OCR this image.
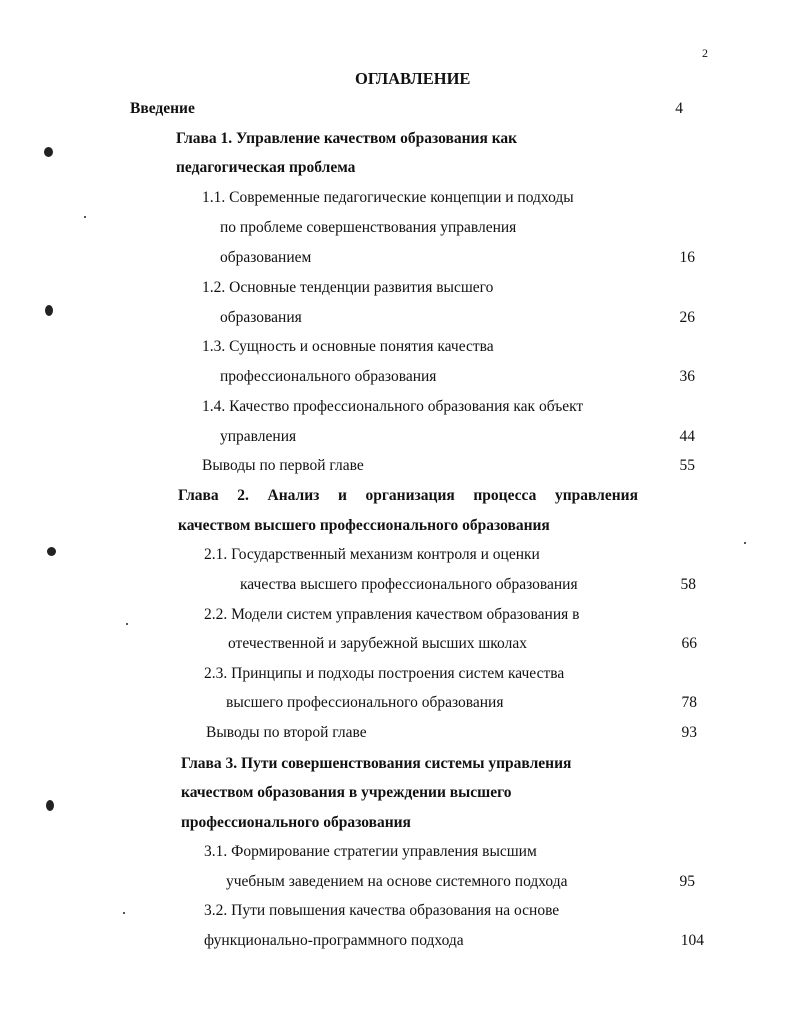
2
ОГЛАВЛЕНИЕ
Введение	4
Глава 1. Управление качеством образования как
педагогическая проблема
1.1. Современные педагогические концепции и подходы
по проблеме совершенствования управления
образованием	16
1.2. Основные тенденции развития высшего
образования	26
1.3. Сущность и основные понятия качества
профессионального образования	36
1.4. Качество профессионального образования как объект
управления	44
Выводы по первой главе	55
Глава 2. Анализ и организация процесса управления
качеством высшего профессионального образования
2.1. Государственный механизм контроля и оценки
качества высшего профессионального образования	58
2.2. Модели систем управления качеством образования в
отечественной и зарубежной высших школах	66
2.3. Принципы и подходы построения систем качества
высшего профессионального образования	78
Выводы по второй главе	93
Глава 3. Пути совершенствования системы управления
качеством образования в учреждении высшего
профессионального образования
3.1. Формирование стратегии управления высшим
учебным заведением на основе системного подхода	95
3.2. Пути повышения качества образования на основе
функционально-программного подхода	104
